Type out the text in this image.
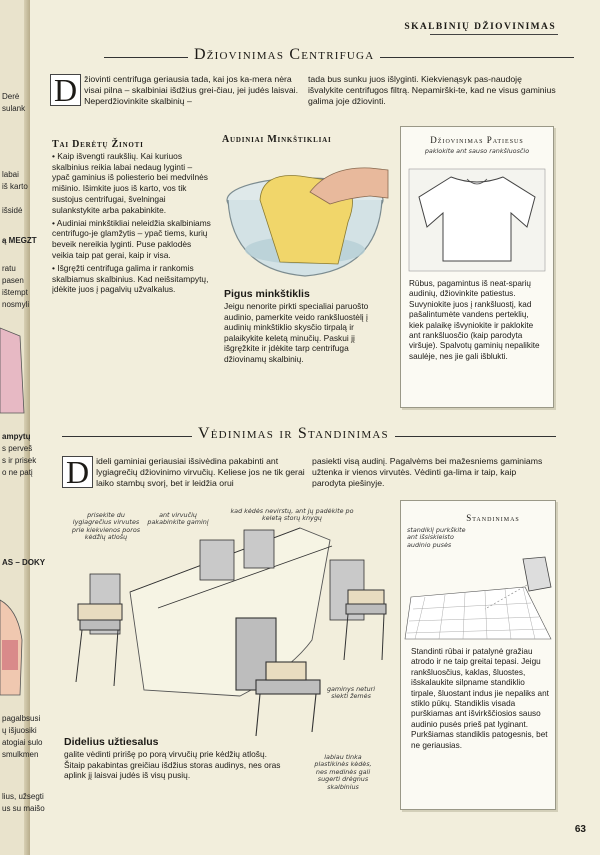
Derė
sulank
labai
iš karto
išsidė
ą MEGZT
ratu
pasen
ištempt
nosmyli
ampytų
s perveš
s ir prisek
o ne patį
AS – DOKY
pagalbsusi
ų išjuosiki
atogiai sulo
smulkmen
lius, užsegti
us su maišo
SKALBINIŲ DŽIOVINIMAS
Džiovinimas Centrifuga
D žiovinti centrifuga geriausia tada, kai jos ka-mera nėra visai pilna – skalbiniai išdžius grei-čiau, jei judės laisvai. Neperdžiovinkite skalbinių –
tada bus sunku juos išlyginti. Kiekvienąsyk pas-naudoję išvalykite centrifugos filtrą. Nepamirški-te, kad ne visus gaminius galima joje džiovinti.
Tai Derėtų Žinoti

• Kaip išvengti raukšlių. Kai kuriuos skalbinius reikia labai nedaug lyginti – ypač gaminius iš poliesterio bei medvilnės mišinio. Išimkite juos iš karto, vos tik sustojus centrifugai, švelningai sulankstykite arba pakabinkite.

• Audiniai minkštikliai neleidžia skalbiniams centrifugo-je glamžytis – ypač tiems, kurių beveik nereikia lyginti. Puse paklodės veikia taip pat gerai, kaip ir visa.

• Išgręžti centrifuga galima ir rankomis skalbiamus skalbinius. Kad neišsitampytų, įdėkite juos į pagalvių užvalkalus.

Audiniai Minkštikliai
Pigus minkštiklis
Jeigu nenorite pirkti specialiai paruošto audinio, pamerkite veido rankšluostėlį į audinių minkštiklio skysčio tirpalą ir palaikykite keletą minučių. Paskui jį išgręžkite ir įdėkite tarp centrifuga džiovinamų skalbinių.
Džiovinimas Patiesus
paklokite ant sauso rankšluosčio
Rūbus, pagamintus iš neat-sparių audinių, džiovinkite patiestus. Suvyniokite juos į rankšluostį, kad pašalintumėte vandens perteklių, kiek palaikę išvyniokite ir paklokite ant rankšluosčio (kaip parodyta viršuje). Spalvotų gaminių nepalikite saulėje, nes jie gali išblukti.
Vėdinimas ir Standinimas
D ideli gaminiai geriausiai išsivėdina pakabinti ant lygiagrečių džiovinimo virvučių. Keliese jos ne tik gerai laiko stambų svorį, bet ir leidžia orui
pasiekti visą audinį. Pagalvėms bei mažesniems gaminiams užtenka ir vienos virvutės. Vėdinti ga-lima ir taip, kaip parodyta piešinyje.
prisekite du lygiagrečius virvutes prie kiekvienos poros kėdžių atlošų
ant virvučių pakabinkite gaminį
kad kėdės nevirstų, ant jų padėkite po keletą storų knygų
gaminys neturi siekti žemės
labiau tinka plastikinės kėdės, nes medinės gali sugerti drėgnus skalbinius
Didelius užtiesalus
galite vėdinti pririšę po porą virvučių prie kėdžių atlošų. Šitaip pakabintas greičiau išdžius storas audinys, nes oras aplink jį laisvai judės iš visų pusių.
Standinimas
standiklį purkškite ant išsiskleisto audinio pusės
Standinti rūbai ir patalynė gražiau atrodo ir ne taip greitai tepasi. Jeigu rankšluosčius, kaklas, šluostes, išskalaukite silpname standiklio tirpale, šluostant indus jie nepaliks ant stiklo pūkų. Standiklis visada purškiamas ant išvirkščiosios sauso audinio pusės prieš pat lyginant. Purkšiamas standiklis patogesnis, bet ne geriausias.
63
